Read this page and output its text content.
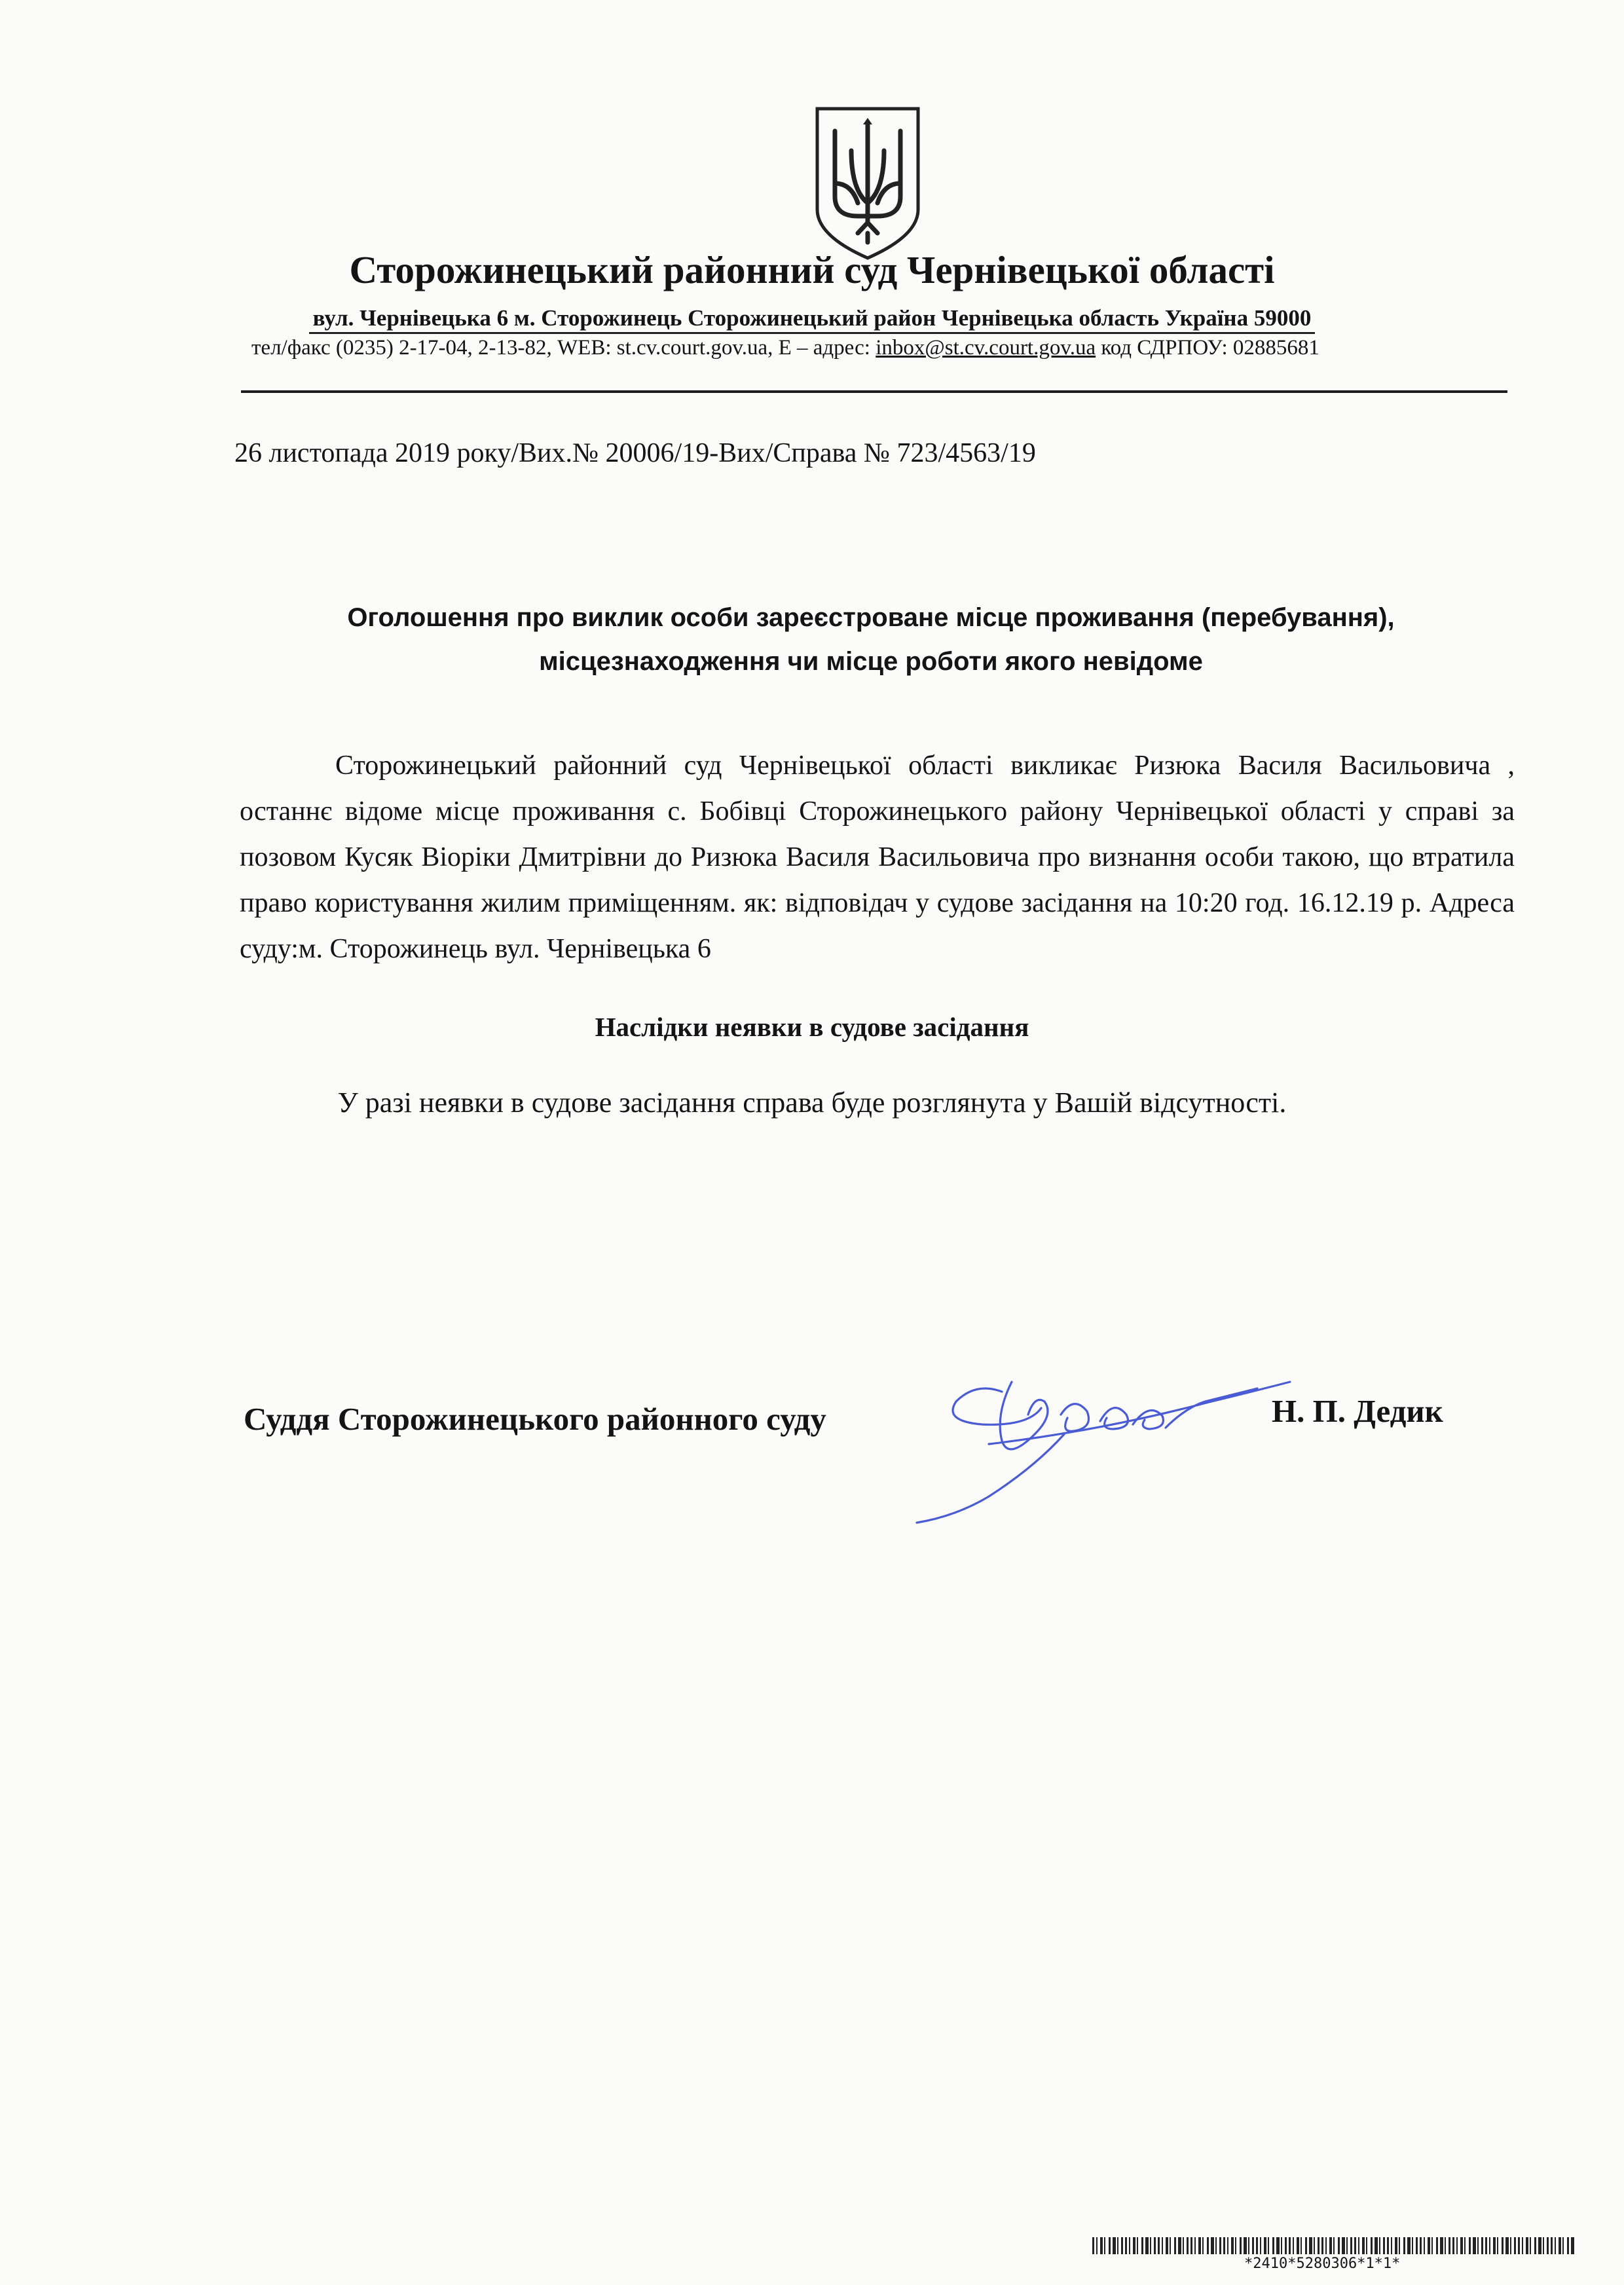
Сторожинецький районний суд Чернівецької області
вул. Чернівецька 6 м. Сторожинець Сторожинецький район Чернівецька область Україна 59000
тел/факс (0235) 2-17-04, 2-13-82, WEB: st.cv.court.gov.ua, E – адрес: inbox@st.cv.court.gov.ua код СДРПОУ: 02885681
26 листопада 2019 року/Вих.№ 20006/19-Вих/Справа № 723/4563/19
Оголошення про виклик особи зареєстроване місце проживання (перебування),
місцезнаходження чи місце роботи якого невідоме
Сторожинецький районний суд Чернівецької області викликає Ризюка Василя Васильовича , останнє відоме місце проживання с. Бобівці Сторожинецького району Чернівецької області у справі за позовом Кусяк Віоріки Дмитрівни до Ризюка Василя Васильовича про визнання особи такою, що втратила право користування жилим приміщенням. як: відповідач у судове засідання на 10:20 год. 16.12.19 р. Адреса суду:м. Сторожинець вул. Чернівецька 6
Наслідки неявки в судове засідання
У разі неявки в судове засідання справа буде розглянута у Вашій відсутності.
Суддя Сторожинецького районного суду	Н. П. Дедик
*2410*5280306*1*1*
